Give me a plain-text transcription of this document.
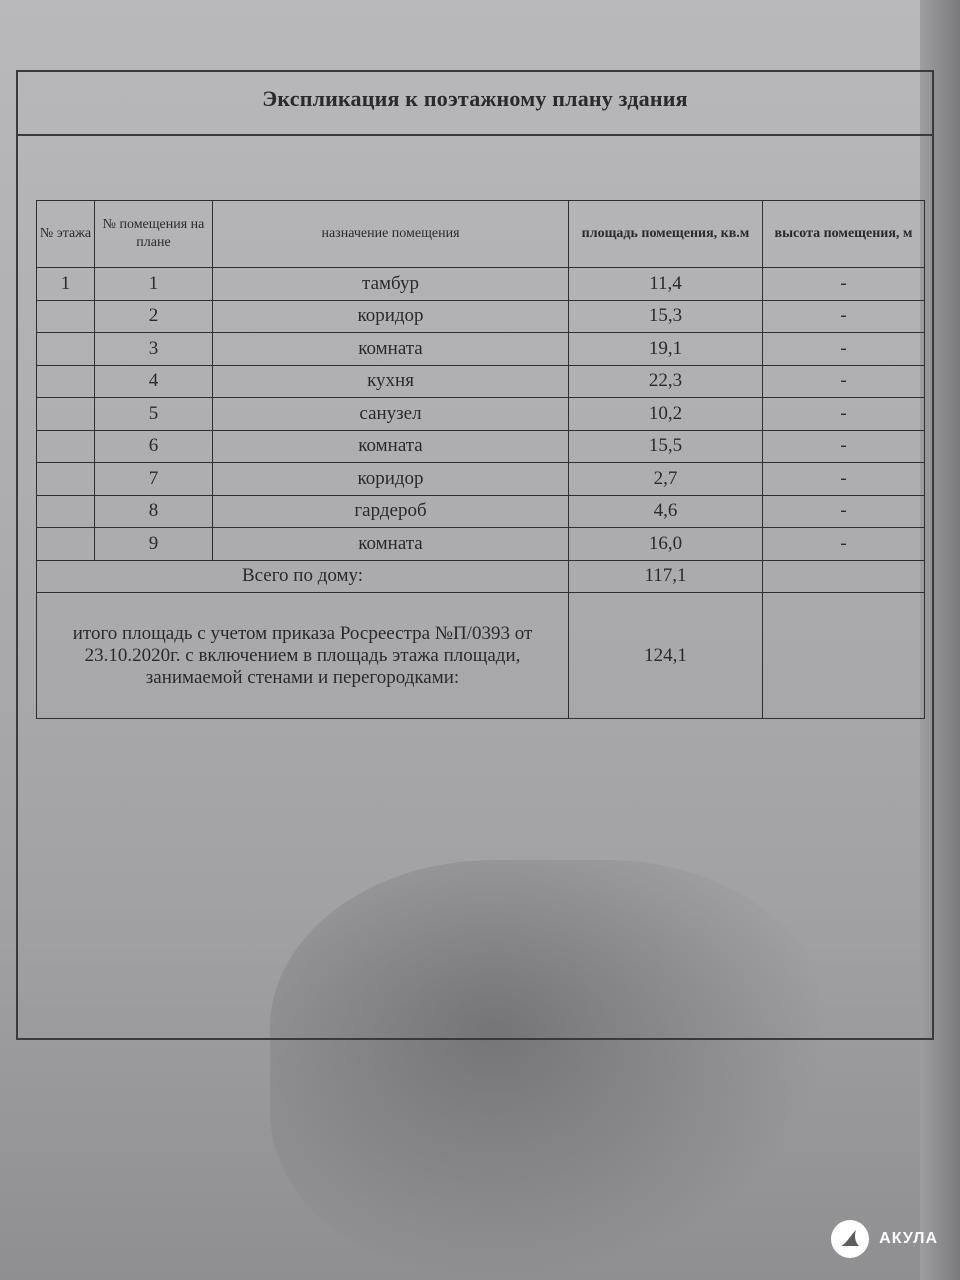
Экспликация к поэтажному плану здания
№ этажа	№ помещения на плане	назначение помещения	площадь помещения, кв.м	высота помещения, м
1	1	тамбур	11,4	-
	2	коридор	15,3	-
	3	комната	19,1	-
	4	кухня	22,3	-
	5	санузел	10,2	-
	6	комната	15,5	-
	7	коридор	2,7	-
	8	гардероб	4,6	-
	9	комната	16,0	-
Всего по дому:			117,1	
итого площадь с учетом приказа Росреестра №П/0393 от 23.10.2020г. с включением в площадь этажа площади, занимаемой стенами и перегородками:			124,1	
АКУЛА
